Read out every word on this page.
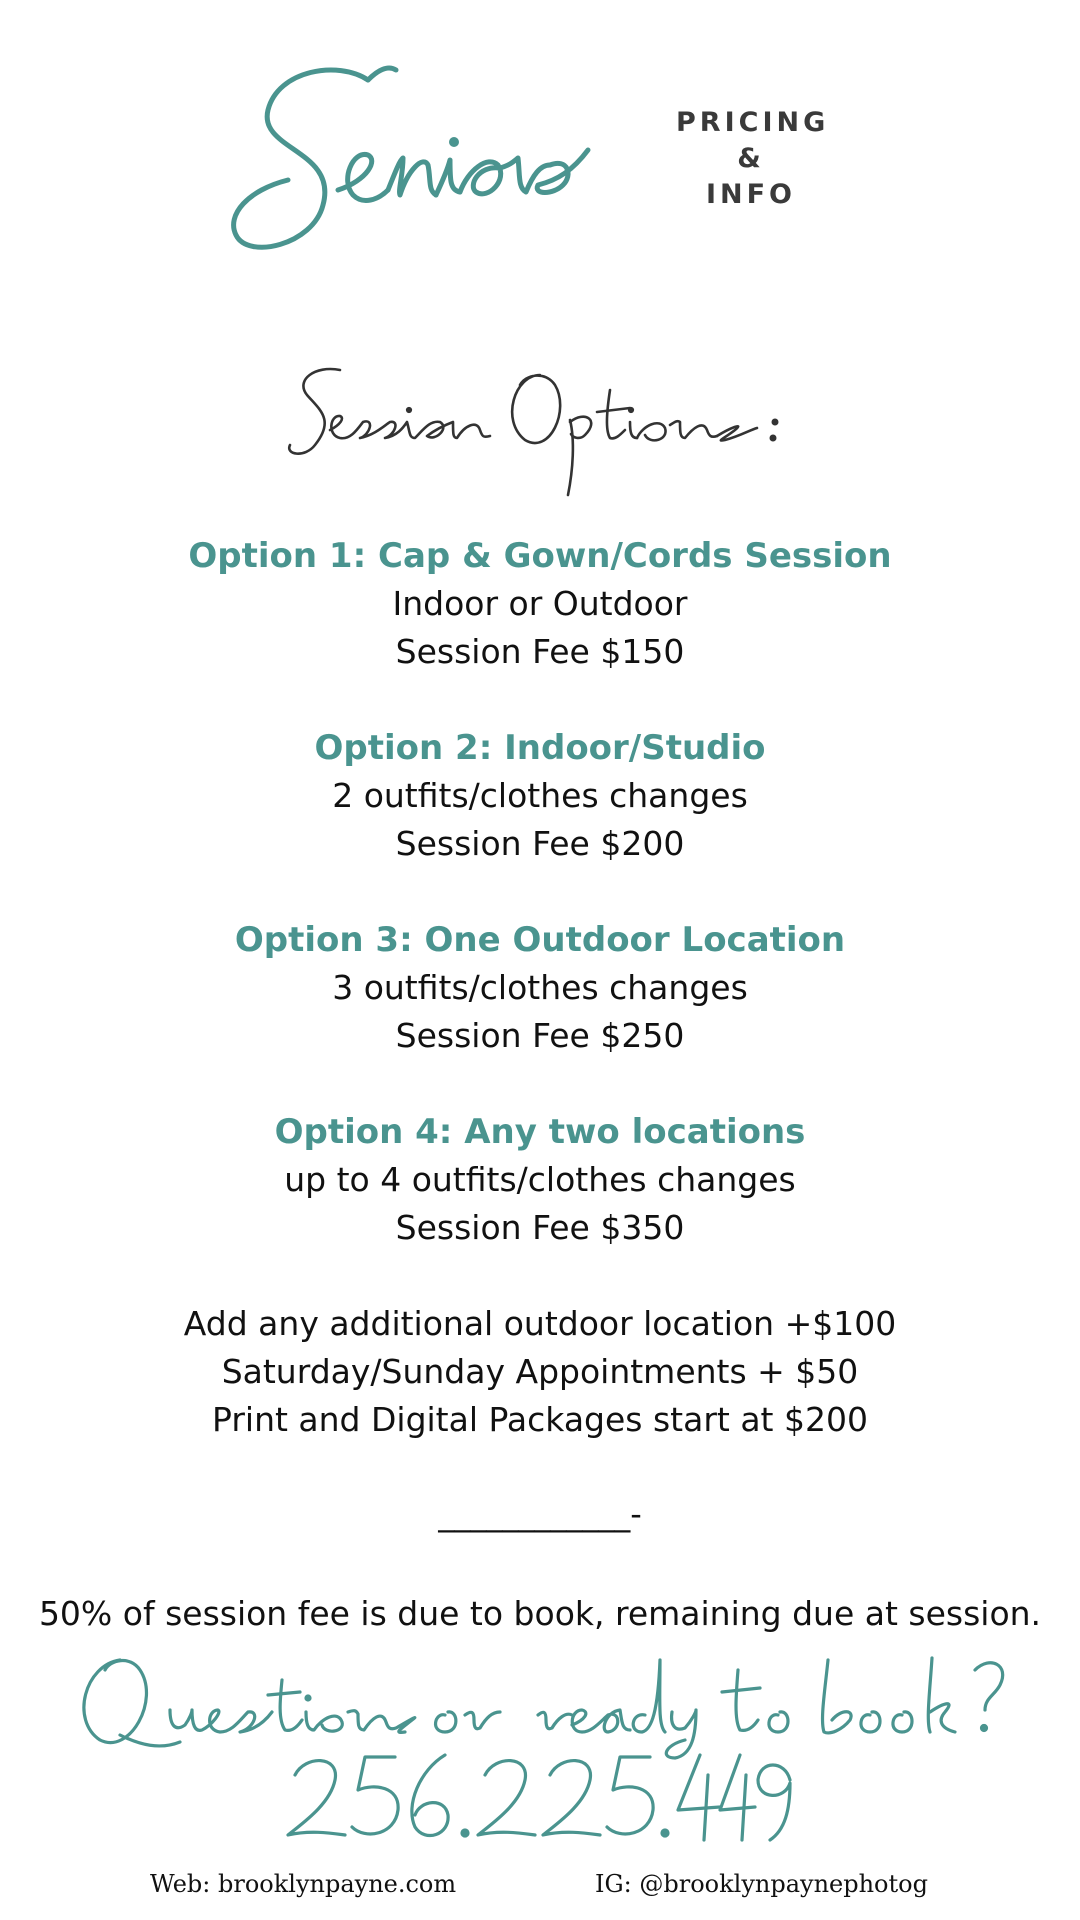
PRICING
&
INFO
Option 1: Cap & Gown/Cords Session
Indoor or Outdoor
Session Fee $150
Option 2: Indoor/Studio
2 outfits/clothes changes
Session Fee $200
Option 3: One Outdoor Location
3 outfits/clothes changes
Session Fee $250
Option 4: Any two locations
up to 4 outfits/clothes changes
Session Fee $350
Add any additional outdoor location +$100
Saturday/Sunday Appointments + $50
Print and Digital Packages start at $200
____________-
50% of session fee is due to book, remaining due at session.
Web: brooklynpayne.com	IG: @brooklynpaynephotog
